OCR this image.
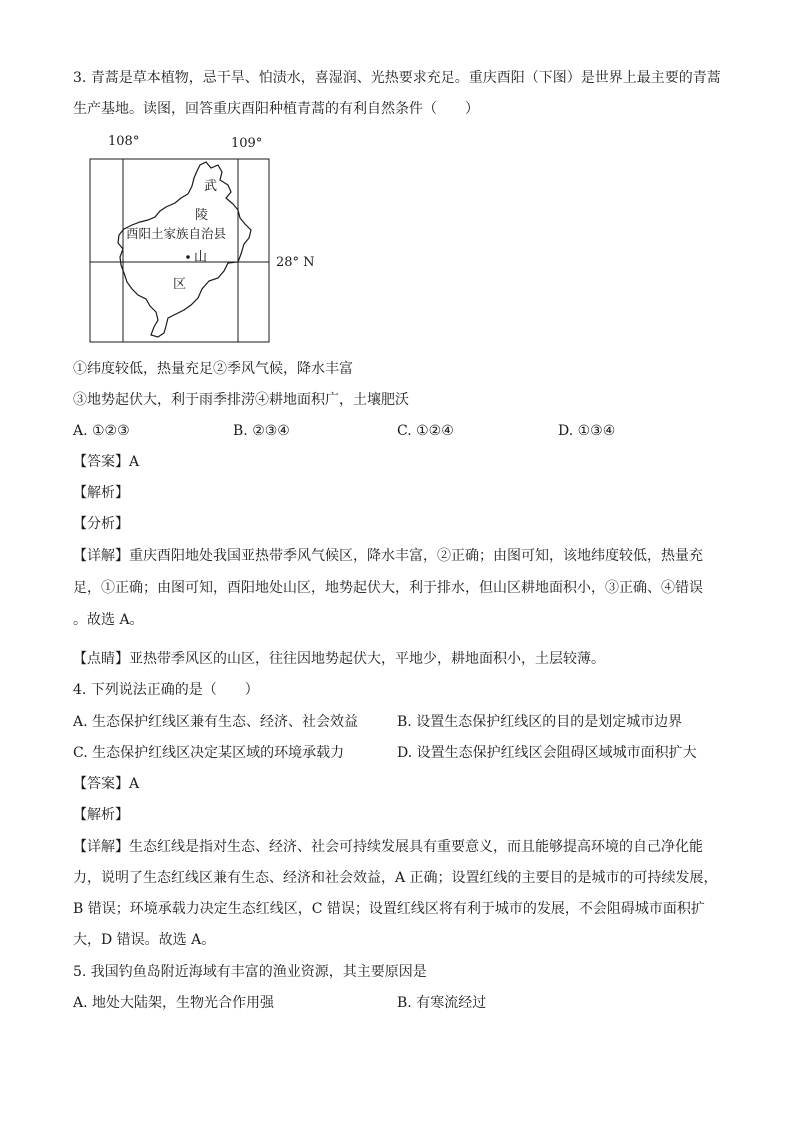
3. 青蒿是草本植物，忌干旱、怕渍水，喜湿润、光热要求充足。重庆酉阳（下图）是世界上最主要的青蒿
生产基地。读图，回答重庆酉阳种植青蒿的有利自然条件（　　）
108°	109°
武
陵
酉阳土家族自治县
山
区
28° N
①纬度较低，热量充足②季风气候，降水丰富
③地势起伏大，利于雨季排涝④耕地面积广，土壤肥沃
A. ①②③	B. ②③④	C. ①②④	D. ①③④
【答案】A
【解析】
【分析】
【详解】重庆酉阳地处我国亚热带季风气候区，降水丰富，②正确；由图可知，该地纬度较低，热量充
足，①正确；由图可知，酉阳地处山区，地势起伏大，利于排水，但山区耕地面积小，③正确、④错误
。故选 A。
【点睛】亚热带季风区的山区，往往因地势起伏大，平地少，耕地面积小，土层较薄。
4. 下列说法正确的是（　　）
A. 生态保护红线区兼有生态、经济、社会效益	B. 设置生态保护红线区的目的是划定城市边界
C. 生态保护红线区决定某区域的环境承载力	D. 设置生态保护红线区会阻碍区域城市面积扩大
【答案】A
【解析】
【详解】生态红线是指对生态、经济、社会可持续发展具有重要意义，而且能够提高环境的自己净化能
力，说明了生态红线区兼有生态、经济和社会效益，A 正确；设置红线的主要目的是城市的可持续发展，
B 错误；环境承载力决定生态红线区，C 错误；设置红线区将有利于城市的发展，不会阻碍城市面积扩
大，D 错误。故选 A。
5. 我国钓鱼岛附近海域有丰富的渔业资源，其主要原因是
A. 地处大陆架，生物光合作用强	B. 有寒流经过
